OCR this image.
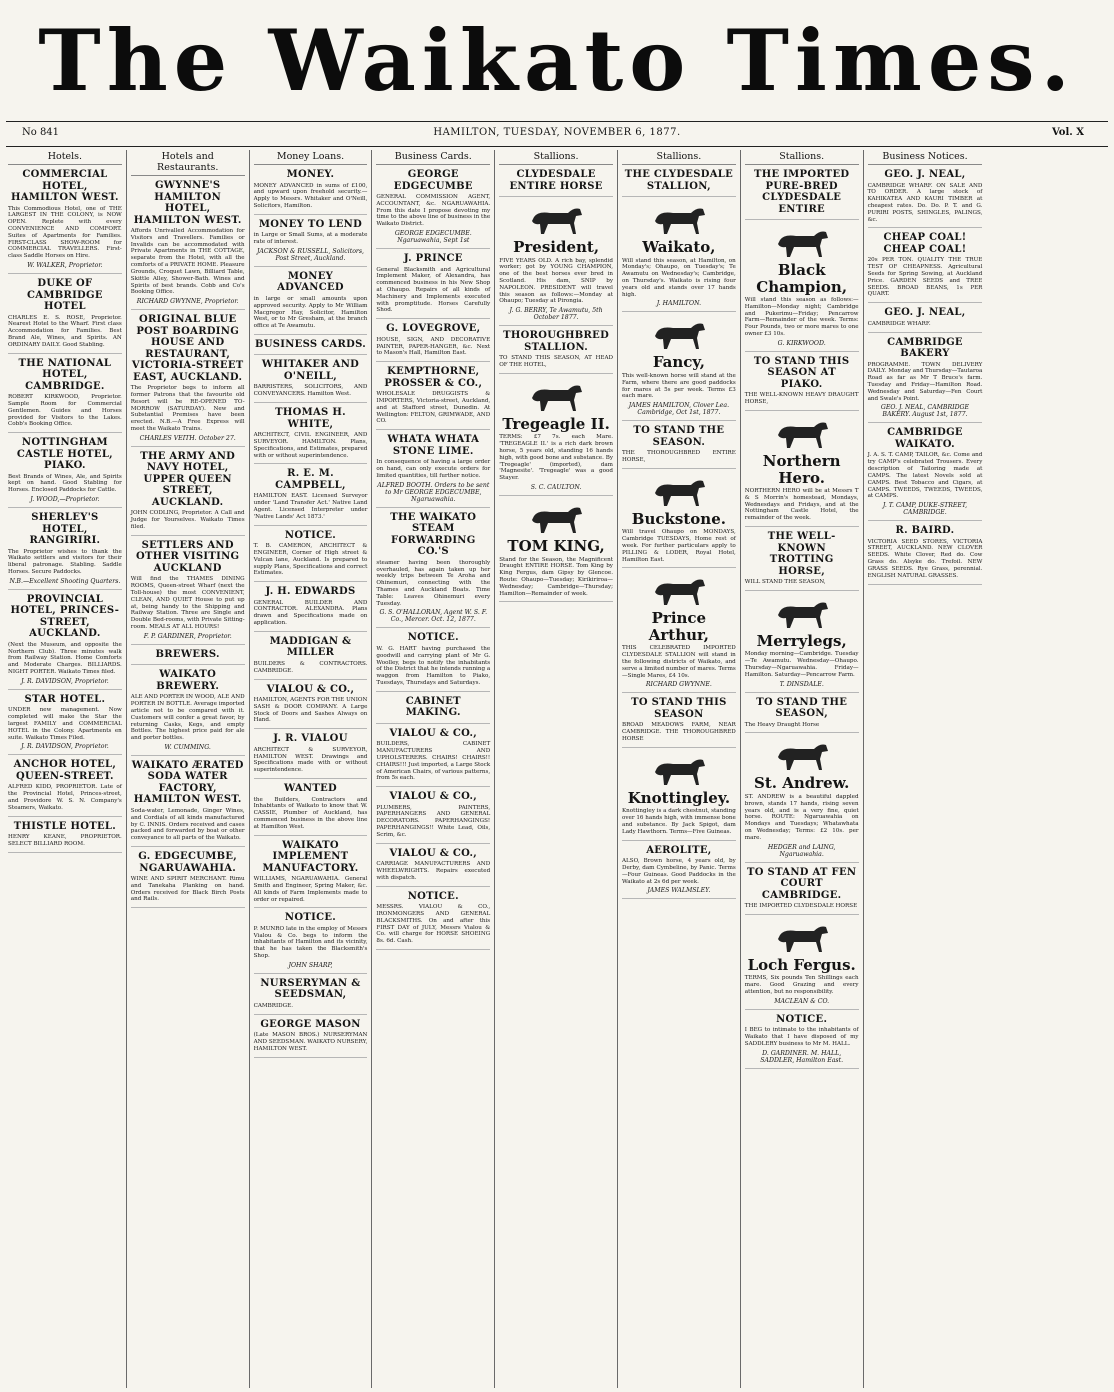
The Waikato Times.
No 841	HAMILTON, TUESDAY, NOVEMBER 6, 1877.	Vol. X
Hotels.
COMMERCIAL HOTEL, HAMILTON WEST.
This Commodious Hotel, one of THE LARGEST IN THE COLONY, is NOW OPEN. Replete with every CONVENIENCE AND COMFORT. Suites of Apartments for Families. FIRST-CLASS SHOW-ROOM for COMMERCIAL TRAVELLERS. First-class Saddle Horses on Hire.
W. WALKER, Proprietor.
DUKE OF CAMBRIDGE HOTEL
CHARLES E. S. ROSE, Proprietor. Nearest Hotel to the Wharf. First class Accommodation for Families. Best Brand Ale, Wines, and Spirits. AN ORDINARY DAILY. Good Stabling.
THE NATIONAL HOTEL, CAMBRIDGE.
ROBERT KIRKWOOD, Proprietor. Sample Room for Commercial Gentlemen. Guides and Horses provided for Visitors to the Lakes. Cobb's Booking Office.
NOTTINGHAM CASTLE HOTEL, PIAKO.
Best Brands of Wines, Ale, and Spirits kept on hand. Good Stabling for Horses. Enclosed Paddocks for Cattle.
J. WOOD,—Proprietor.
SHERLEY'S HOTEL, RANGIRIRI.
The Proprietor wishes to thank the Waikato settlers and visitors for their liberal patronage. Stabling. Saddle Horses. Secure Paddocks.
N.B.—Excellent Shooting Quarters.
PROVINCIAL HOTEL, PRINCES-STREET, AUCKLAND.
(Next the Museum, and opposite the Northern Club). Three minutes walk from Railway Station. Home Comforts and Moderate Charges. BILLIARDS. NIGHT PORTER. Waikato Times filed.
J. R. DAVIDSON, Proprietor.
STAR HOTEL.
UNDER new management. Now completed will make the Star the largest FAMILY and COMMERCIAL HOTEL in the Colony. Apartments en suite. Waikato Times Filed.
J. R. DAVIDSON, Proprietor.
ANCHOR HOTEL, QUEEN-STREET.
ALFRED KIDD, PROPRIETOR. Late of the Provincial Hotel, Princes-street, and Providore W. S. N. Company's Steamers, Waikato.
THISTLE HOTEL.
HENRY KEANE, PROPRIETOR. SELECT BILLIARD ROOM.
Hotels and Restaurants.
GWYNNE'S HAMILTON HOTEL, HAMILTON WEST.
Affords Unrivalled Accommodation for Visitors and Travellers. Families or Invalids can be accommodated with Private Apartments in THE COTTAGE, separate from the Hotel, with all the comforts of a PRIVATE HOME. Pleasure Grounds, Croquet Lawn, Billiard Table, Skittle Alley, Shower-Bath. Wines and Spirits of best brands. Cobb and Co's Booking Office.
RICHARD GWYNNE, Proprietor.
ORIGINAL BLUE POST BOARDING HOUSE AND RESTAURANT, VICTORIA-STREET EAST, AUCKLAND.
The Proprietor begs to inform all former Patrons that the favourite old Resort will be RE-OPENED TO-MORROW (SATURDAY). New and Substantial Premises have been erected. N.B.—A Free Express will meet the Waikato Trains.
CHARLES VEITH. October 27.
THE ARMY AND NAVY HOTEL, UPPER QUEEN STREET, AUCKLAND.
JOHN CODLING, Proprietor. A Call and Judge for Yourselves. Waikato Times filed.
SETTLERS AND OTHER VISITING AUCKLAND
Will find the THAMES DINING ROOMS, Queen-street Wharf (next the Toll-house) the most CONVENIENT, CLEAN, AND QUIET House to put up at, being handy to the Shipping and Railway Station. Three are Single and Double Bed-rooms, with Private Sitting-room. MEALS AT ALL HOURS!
F. P. GARDINER, Proprietor.
BREWERS.
WAIKATO BREWERY.
ALE AND PORTER IN WOOD, ALE AND PORTER IN BOTTLE. Average imported article not to be compared with it. Customers will confer a great favor, by returning Casks, Kegs, and empty Bottles. The highest price paid for ale and porter bottles.
W. CUMMING.
WAIKATO ÆRATED SODA WATER FACTORY, HAMILTON WEST.
Soda-water, Lemonade, Ginger Wines, and Cordials of all kinds manufactured by C. INNIS. Orders received and cases packed and forwarded by boat or other conveyance to all parts of the Waikato.
G. EDGECUMBE, NGARUAWAHIA.
WINE AND SPIRIT MERCHANT. Rimu and Tanekaha Planking on hand. Orders received for Black Birch Posts and Rails.
Money Loans.
MONEY.
MONEY ADVANCED in sums of £100, and upward upon freehold security.—Apply to Messrs. Whitaker and O'Neill, Solicitors, Hamilton.
MONEY TO LEND
in Large or Small Sums, at a moderate rate of interest.
JACKSON & RUSSELL, Solicitors, Post Street, Auckland.
MONEY ADVANCED
in large or small amounts upon approved security. Apply to Mr William Macgregor Hay, Solicitor, Hamilton West, or to Mr Gresham, at the branch office at Te Awamutu.
BUSINESS CARDS.
WHITAKER AND O'NEILL,
BARRISTERS, SOLICITORS, AND CONVEYANCERS. Hamilton West.
THOMAS H. WHITE,
ARCHITECT, CIVIL ENGINEER, AND SURVEYOR. HAMILTON. Plans, Specifications, and Estimates, prepared with or without superintendence.
R. E. M. CAMPBELL,
HAMILTON EAST. Licensed Surveyor under 'Land Transfer Act.' Native Land Agent. Licensed Interpreter under 'Native Lands' Act 1873.'
NOTICE.
T. B. CAMERON, ARCHITECT & ENGINEER, Corner of High street & Vulcan lane, Auckland. Is prepared to supply Plans, Specifications and correct Estimates.
J. H. EDWARDS
GENERAL BUILDER AND CONTRACTOR. ALEXANDRA. Plans drawn and Specifications made on application.
MADDIGAN & MILLER
BUILDERS & CONTRACTORS. CAMBRIDGE.
VIALOU & CO.,
HAMILTON, AGENTS FOR THE UNION SASH & DOOR COMPANY. A Large Stock of Doors and Sashes Always on Hand.
J. R. VIALOU
ARCHITECT & SURVEYOR, HAMILTON WEST. Drawings and Specifications made with or without superintendence.
WANTED
the Builders, Contractors and Inhabitants of Waikato to know that W. CASSIE, Plumber of Auckland, has commenced business in the above line at Hamilton West.
WAIKATO IMPLEMENT MANUFACTORY.
WILLIAMS, NGARUAWAHIA. General Smith and Engineer, Spring Maker, &c. All kinds of Farm Implements made to order or repaired.
NOTICE.
P. MUNRO late in the employ of Messrs Vialou & Co. begs to inform the inhabitants of Hamilton and its vicinity, that he has taken the Blacksmith's Shop.
JOHN SHARP,
NURSERYMAN & SEEDSMAN,
CAMBRIDGE.
GEORGE MASON
(Late MASON BROS.) NURSERYMAN AND SEEDSMAN. WAIKATO NURSERY, HAMILTON WEST.
Business Cards.
GEORGE EDGECUMBE
GENERAL COMMISSION AGENT, ACCOUNTANT, &c. NGARUAWAHIA. From this date I propose devoting my time to the above line of business in the Waikato District.
GEORGE EDGECUMBE. Ngaruawahia, Sept 1st
J. PRINCE
General Blacksmith and Agricultural Implement Maker, of Alexandra, has commenced business in his New Shop at Ohaupo. Repairs of all kinds of Machinery and Implements executed with promptitude. Horses Carefully Shod.
G. LOVEGROVE,
HOUSE, SIGN, AND DECORATIVE PAINTER, PAPER-HANGER, &c. Next to Mason's Hall, Hamilton East.
KEMPTHORNE, PROSSER & CO.,
WHOLESALE DRUGGISTS & IMPORTERS, Victoria-street, Auckland, and at Stafford street, Dunedin. At Wellington: FELTON, GRIMWADE, AND CO.
WHATA WHATA STONE LIME.
In consequence of having a large order on hand, can only execute orders for limited quantities, till further notice.
ALFRED BOOTH. Orders to be sent to Mr GEORGE EDGECUMBE, Ngaruawahia.
THE WAIKATO STEAM FORWARDING CO.'S
steamer having been thoroughly overhauled, has again taken up her weekly trips between Te Aroha and Ohinemuri, connecting with the Thames and Auckland Boats. Time Table: Leaves Ohinemuri every Tuesday.
G. S. O'HALLORAN, Agent W. S. F. Co., Mercer. Oct. 12, 1877.
NOTICE.
W. G. HART having purchased the goodwill and carrying plant of Mr G. Woolley, begs to notify the inhabitants of the District that he intends running a waggon from Hamilton to Piako, Tuesdays, Thursdays and Saturdays.
CABINET MAKING.
VIALOU & CO.,
BUILDERS, CABINET MANUFACTURERS AND UPHOLSTERERS. CHAIRS! CHAIRS!! CHAIRS!!! Just imported, a Large Stock of American Chairs, of various patterns, from 5s each.
VIALOU & CO.,
PLUMBERS, PAINTERS, PAPERHANGERS AND GENERAL DECORATORS. PAPERHANGINGS! PAPERHANGINGS!! White Lead, Oils, Scrim, &c.
VIALOU & CO.,
CARRIAGE MANUFACTURERS AND WHEELWRIGHTS. Repairs executed with dispatch.
NOTICE.
MESSRS. VIALOU & CO., IRONMONGERS AND GENERAL BLACKSMITHS. On and after this FIRST DAY of JULY, Messrs Vialou & Co. will charge for HORSE SHOEING 8s. 6d. Cash.
Stallions.
CLYDESDALE ENTIRE HORSE
President,
FIVE YEARS OLD. A rich bay, splendid worker; got by YOUNG CHAMPION, one of the best horses ever bred in Scotland. His dam, SNIP by NAPOLEON. PRESIDENT will travel this season as follows:—Monday at Ohaupo; Tuesday at Pirongia.
J. G. BERRY, Te Awamutu, 5th October 1877.
THOROUGHBRED STALLION.
TO STAND THIS SEASON, AT HEAD OF THE HOTEL,
Tregeagle II.
TERMS: £7 7s. each Mare. 'TREGEAGLE II.' is a rich dark brown horse, 5 years old, standing 16 hands high, with good bone and substance. By 'Tregeagle' (imported), dam 'Magnesite'. 'Tregeagle' was a good Stayer.
S. C. CAULTON.
TOM KING,
Stand for the Season, the Magnificent Draught ENTIRE HORSE. Tom King by King Fergus, dam Gipsy by Glencoe. Route: Ohaupo—Tuesday; Kirikiriroa—Wednesday; Cambridge—Thursday; Hamilton—Remainder of week.
Stallions.
THE CLYDESDALE STALLION,
Waikato,
Will stand this season, at Hamilton, on Monday's; Ohaupo, on Tuesday's; Te Awamutu on Wednesday's; Cambridge, on Thursday's. Waikato is rising four years old and stands over 17 hands high.
J. HAMILTON.
Fancy,
This well-known horse will stand at the Farm, where there are good paddocks for mares at 5s per week. Terms £3 each mare.
JAMES HAMILTON, Clover Lea. Cambridge, Oct 1st, 1877.
TO STAND THE SEASON.
THE THOROUGHBRED ENTIRE HORSE,
Buckstone.
Will travel Ohaupo on MONDAYS, Cambridge TUESDAYS, Home rest of week. For further particulars apply to PILLING & LODER, Royal Hotel, Hamilton East.
Prince Arthur,
THIS CELEBRATED IMPORTED CLYDESDALE STALLION will stand in the following districts of Waikato, and serve a limited number of mares. Terms—Single Mares, £4 10s.
RICHARD GWYNNE.
TO STAND THIS SEASON
BROAD MEADOWS FARM, NEAR CAMBRIDGE. THE THOROUGHBRED HORSE
Knottingley.
Knottingley is a dark chestnut, standing over 16 hands high, with immense bone and substance. By Jack Spigot, dam Lady Hawthorn. Terms—Five Guineas.
AEROLITE,
ALSO, Brown horse, 4 years old, by Derby, dam Cymbeline, by Panic. Terms—Four Guineas. Good Paddocks in the Waikato at 2s 6d per week.
JAMES WALMSLEY.
Stallions.
THE IMPORTED PURE-BRED CLYDESDALE ENTIRE
Black Champion,
Will stand this season as follows:—Hamilton—Monday night; Cambridge and Pukerimu—Friday; Pencarrow Farm—Remainder of the week. Terms: Four Pounds, two or more mares to one owner £3 10s.
G. KIRKWOOD.
TO STAND THIS SEASON AT PIAKO.
THE WELL-KNOWN HEAVY DRAUGHT HORSE,
Northern Hero.
NORTHERN HERO will be at Messrs T & S Morrin's homestead, Mondays, Wednesdays and Fridays, and at the Nottingham Castle Hotel, the remainder of the week.
THE WELL-KNOWN TROTTING HORSE,
WILL STAND THE SEASON,
Merrylegs,
Monday morning—Cambridge. Tuesday—Te Awamutu. Wednesday—Ohaupo. Thursday—Ngaruawahia. Friday—Hamilton. Saturday—Pencarrow Farm.
T. DINSDALE.
TO STAND THE SEASON,
The Heavy Draught Horse
St. Andrew.
ST. ANDREW is a beautiful dappled brown, stands 17 hands, rising seven years old, and is a very fine, quiet horse. ROUTE: Ngaruawahia on Mondays and Tuesdays; Whatawhata on Wednesday; Terms: £2 10s. per mare.
HEDGER and LAING, Ngaruawahia.
TO STAND AT FEN COURT CAMBRIDGE.
THE IMPORTED CLYDESDALE HORSE
Loch Fergus.
TERMS, Six pounds Ten Shillings each mare. Good Grazing and every attention, but no responsibility.
MACLEAN & CO.
NOTICE.
I BEG to intimate to the inhabitants of Waikato that I have disposed of my SADDLERY business to Mr M. HALL.
D. GARDINER. M. HALL, SADDLER, Hamilton East.
Business Notices.
GEO. J. NEAL,
CAMBRIDGE WHARF. ON SALE AND TO ORDER. A large stock of KAHIKATEA AND KAURI TIMBER at cheapest rates. Do. Do. P. T. and G. PURIRI POSTS, SHINGLES, PALINGS, &c.
CHEAP COAL! CHEAP COAL!
20s PER TON. QUALITY THE TRUE TEST OF CHEAPNESS. Agricultural Seeds for Spring Sowing, at Auckland Price. GARDEN SEEDS and TREE SEEDS. BROAD BEANS, 1s PER QUART.
GEO. J. NEAL,
CAMBRIDGE WHARF.
CAMBRIDGE BAKERY
PROGRAMME. TOWN DELIVERY DAILY. Monday and Thursday—Tautaroa Road as far as Mr T Bruce's farm. Tuesday and Friday—Hamilton Road. Wednesday and Saturday—Fen Court and Swale's Point.
GEO. J. NEAL, CAMBRIDGE BAKERY. August 1st, 1877.
CAMBRIDGE WAIKATO.
J. A. S. T. CAMP, TAILOR, &c. Come and try CAMP's celebrated Trousers. Every description of Tailoring made at CAMPS. The latest Novels sold at CAMPS. Best Tobacco and Cigars, at CAMPS. TWEEDS, TWEEDS, TWEEDS, at CAMPS.
J. T. CAMP, DUKE-STREET, CAMBRIDGE.
R. BAIRD.
VICTORIA SEED STORES, VICTORIA STREET, AUCKLAND. NEW CLOVER SEEDS. White Clover, Red do. Cow Grass do. Alsyke do. Trefoil. NEW GRASS SEEDS. Rye Grass, perennial. ENGLISH NATURAL GRASSES.
